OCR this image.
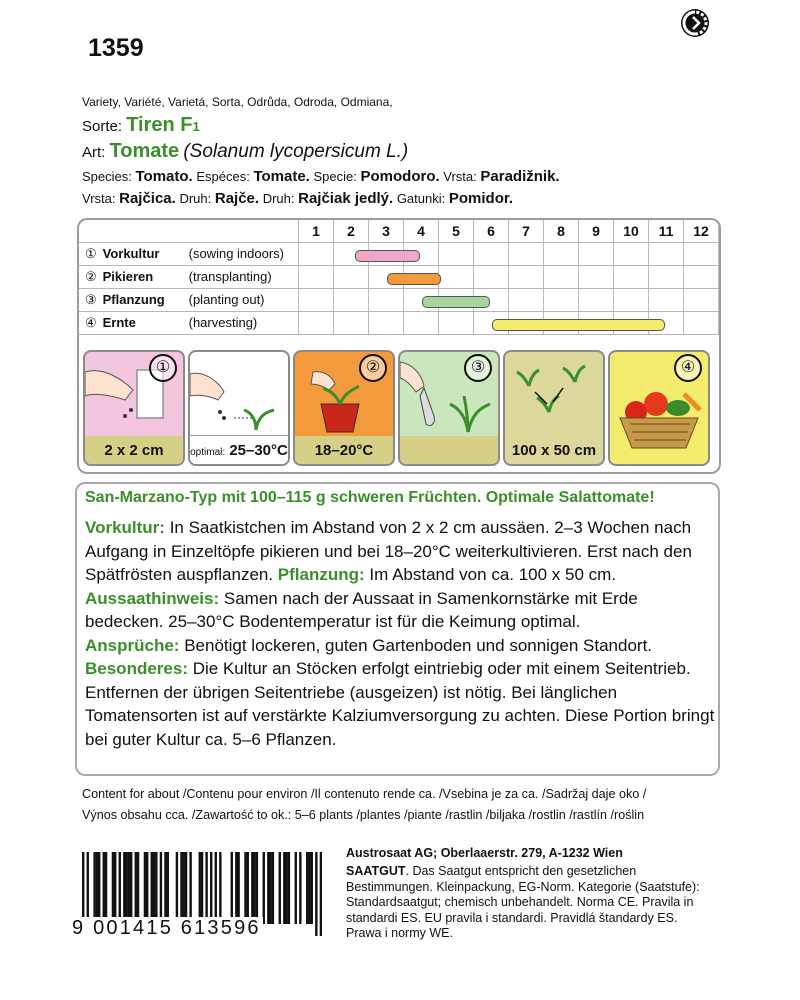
1359
Variety, Variété, Varietá, Sorta, Odrůda, Odroda, Odmiana,
Sorte: Tiren F1
Art: Tomate (Solanum lycopersicum L.)
Species: Tomato. Espéces: Tomate. Specie: Pomodoro. Vrsta: Paradižnik.
Vrsta: Rajčica. Druh: Rajče. Druh: Rajčiak jedlý. Gatunki: Pomidor.
	1	2	3	4	5	6	7	8	9	10	11	12
① Vorkultur (sowing indoors)												
② Pikieren (transplanting)												
③ Pflanzung (planting out)												
④ Ernte (harvesting)												
①
2 x 2 cm	optimal: 25–30°C
②
18–20°C
③
100 x 50 cm
④
San-Marzano-Typ mit 100–115 g schweren Früchten. Optimale Salattomate!
Vorkultur: In Saatkistchen im Abstand von 2 x 2 cm aussäen. 2–3 Wochen nach Aufgang in Einzeltöpfe pikieren und bei 18–20°C weiterkultivieren. Erst nach den Spätfrösten auspflanzen. Pflanzung: Im Abstand von ca. 100 x 50 cm.
Aussaathinweis: Samen nach der Aussaat in Samenkornstärke mit Erde bedecken. 25–30°C Bodentemperatur ist für die Keimung optimal.
Ansprüche: Benötigt lockeren, guten Gartenboden und sonnigen Standort.
Besonderes: Die Kultur an Stöcken erfolgt eintriebig oder mit einem Seitentrieb. Entfernen der übrigen Seitentriebe (ausgeizen) ist nötig. Bei länglichen Tomatensorten ist auf verstärkte Kalziumversorgung zu achten. Diese Portion bringt bei guter Kultur ca. 5–6 Pflanzen.
Content for about /Contenu pour environ /Il contenuto rende ca. /Vsebina je za ca. /Sadržaj daje oko /
Výnos obsahu cca. /Zawartość to ok.: 5–6 plants /plantes /piante /rastlin /biljaka /rostlin /rastlín /roślin
9 001415 613596
Austrosaat AG; Oberlaaerstr. 279, A-1232 Wien
SAATGUT. Das Saatgut entspricht den gesetzlichen Bestimmungen. Kleinpackung, EG-Norm. Kategorie (Saatstufe): Standardsaatgut; chemisch unbehandelt. Norma CE. Pravila in standardi ES. EU pravila i standardi. Pravidlá štandardy ES. Prawa i normy WE.
